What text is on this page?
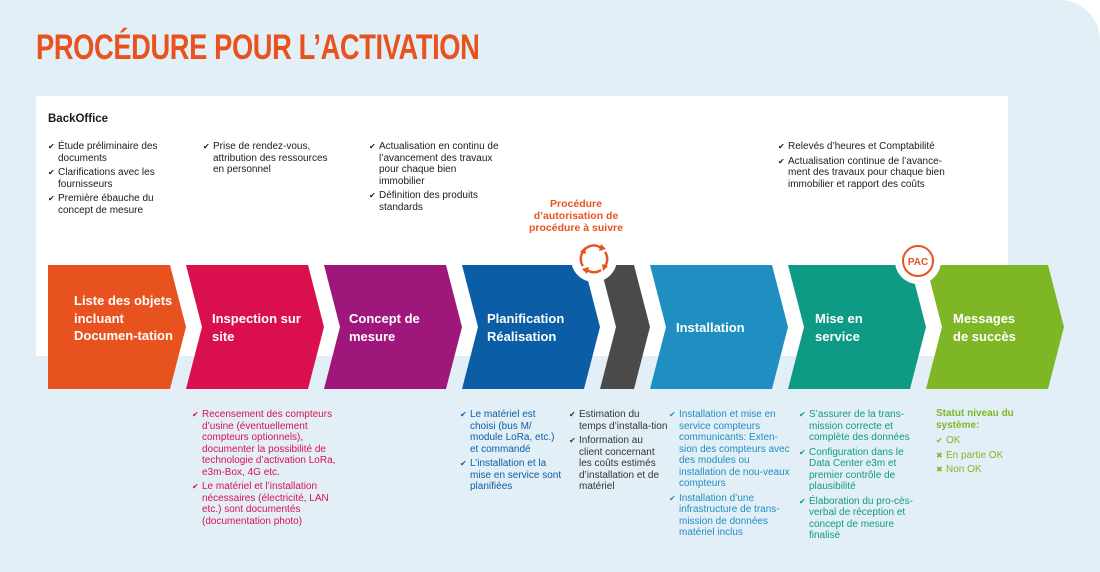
PROCÉDURE POUR L’ACTIVATION
BackOffice
✔ Étude préliminaire des documents
✔ Clarifications avec les fournisseurs
✔ Première ébauche du concept de mesure
✔ Prise de rendez-vous, attribution des ressources en personnel
✔ Actualisation en continu de l’avancement des travaux pour chaque bien immobilier
✔ Définition des produits standards
✔ Relevés d’heures et Comptabilité
✔ Actualisation continue de l’avance-ment des travaux pour chaque bien immobilier et rapport des coûts
Procédure d’autorisation de procédure à suivre
PAC
Liste des objets incluant Documen-tation
Inspection sur site
Concept de mesure
Planification Réalisation
Installation
Mise en service
Messages de succès
✔ Recensement des compteurs d’usine (éventuellement compteurs optionnels), documenter la possibilité de technologie d’activation LoRa, e3m-Box, 4G etc.
✔ Le matériel et l’installation nécessaires (électricité, LAN etc.) sont documentés (documentation photo)
✔ Le matériel est choisi (bus M/ module LoRa, etc.) et commandé
✔ L’installation et la mise en service sont planifiées
✔ Estimation du temps d’installa-tion
✔ Information au client concernant les coûts estimés d’installation et de matériel
✔ Installation et mise en service compteurs communicants: Exten-sion des compteurs avec des modules ou installation de nou-veaux compteurs
✔ Installation d’une infrastructure de trans-mission de données matériel inclus
✔ S’assurer de la trans-mission correcte et complète des données
✔ Configuration dans le Data Center e3m et premier contrôle de plausibilité
✔ Élaboration du pro-cès-verbal de réception et concept de mesure finalisé
Statut niveau du système:
✔ OK
✖ En partie OK
✖ Non OK
